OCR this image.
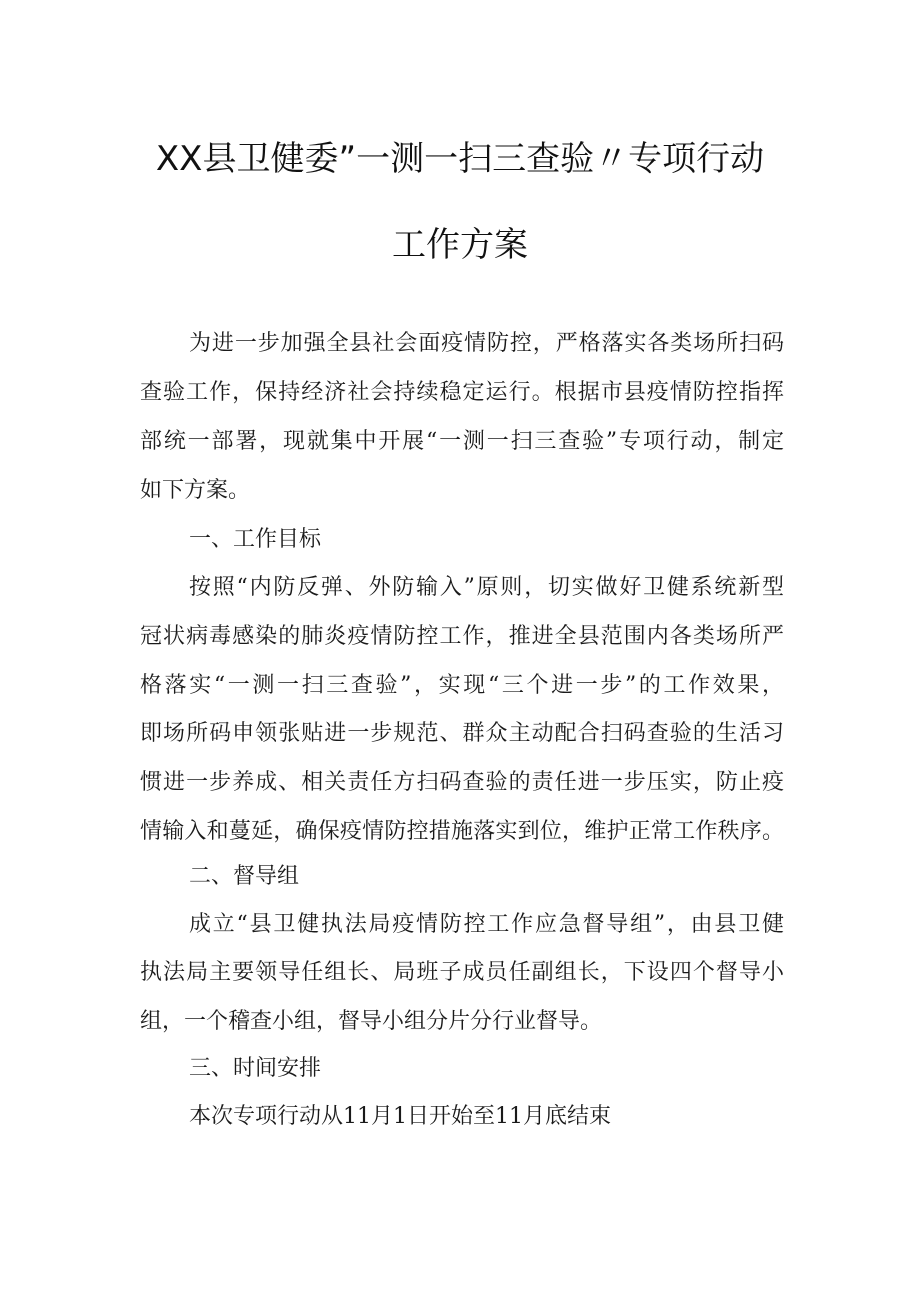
XX县卫健委”一测一扫三查验〃专项行动
工作方案
为进一步加强全县社会面疫情防控，严格落实各类场所扫码
查验工作，保持经济社会持续稳定运行。根据市县疫情防控指挥
部统一部署，现就集中开展“一测一扫三查验”专项行动，制定
如下方案。
一、工作目标
按照“内防反弹、外防输入”原则，切实做好卫健系统新型
冠状病毒感染的肺炎疫情防控工作，推进全县范围内各类场所严
格落实“一测一扫三查验”，实现“三个进一步”的工作效果，
即场所码申领张贴进一步规范、群众主动配合扫码查验的生活习
惯进一步养成、相关责任方扫码查验的责任进一步压实，防止疫
情输入和蔓延，确保疫情防控措施落实到位，维护正常工作秩序。
二、督导组
成立“县卫健执法局疫情防控工作应急督导组”，由县卫健
执法局主要领导任组长、局班子成员任副组长，下设四个督导小
组，一个稽查小组，督导小组分片分行业督导。
三、时间安排
本次专项行动从11月1日开始至11月底结束
